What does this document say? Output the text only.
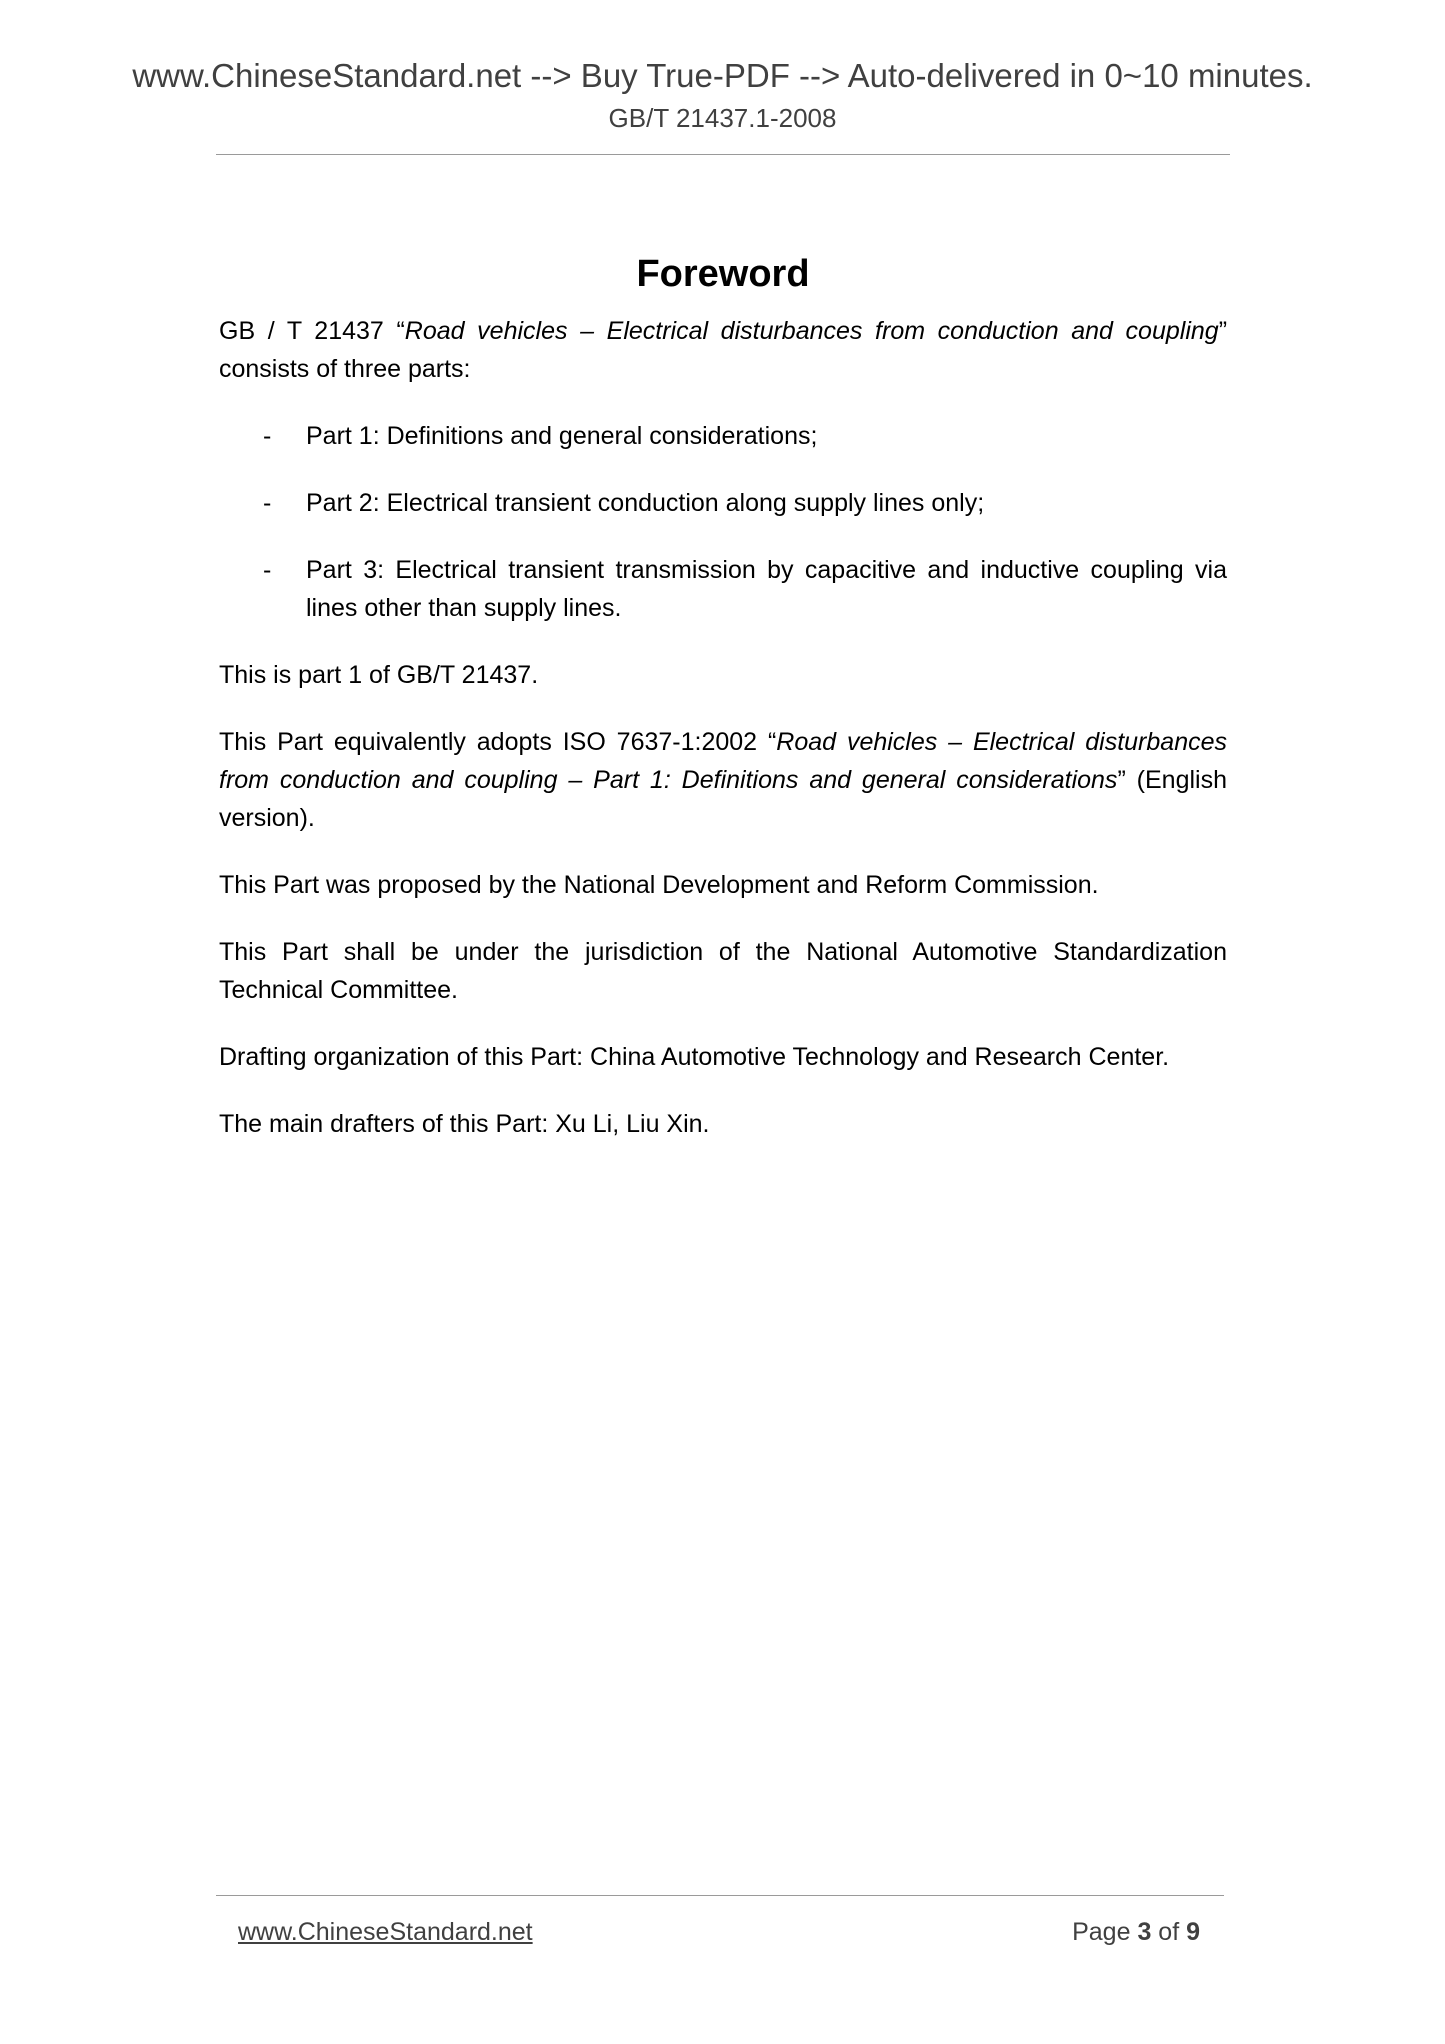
www.ChineseStandard.net --> Buy True-PDF --> Auto-delivered in 0~10 minutes.
GB/T 21437.1-2008
Foreword

GB / T 21437 “Road vehicles – Electrical disturbances from conduction and coupling” consists of three parts:

- Part 1: Definitions and general considerations;
- Part 2: Electrical transient conduction along supply lines only;
- Part 3: Electrical transient transmission by capacitive and inductive coupling via lines other than supply lines.

This is part 1 of GB/T 21437.

This Part equivalently adopts ISO 7637-1:2002 “Road vehicles – Electrical disturbances from conduction and coupling – Part 1: Definitions and general considerations” (English version).

This Part was proposed by the National Development and Reform Commission.

This Part shall be under the jurisdiction of the National Automotive Standardization Technical Committee.

Drafting organization of this Part: China Automotive Technology and Research Center.

The main drafters of this Part: Xu Li, Liu Xin.

www.ChineseStandard.net	Page 3 of 9
